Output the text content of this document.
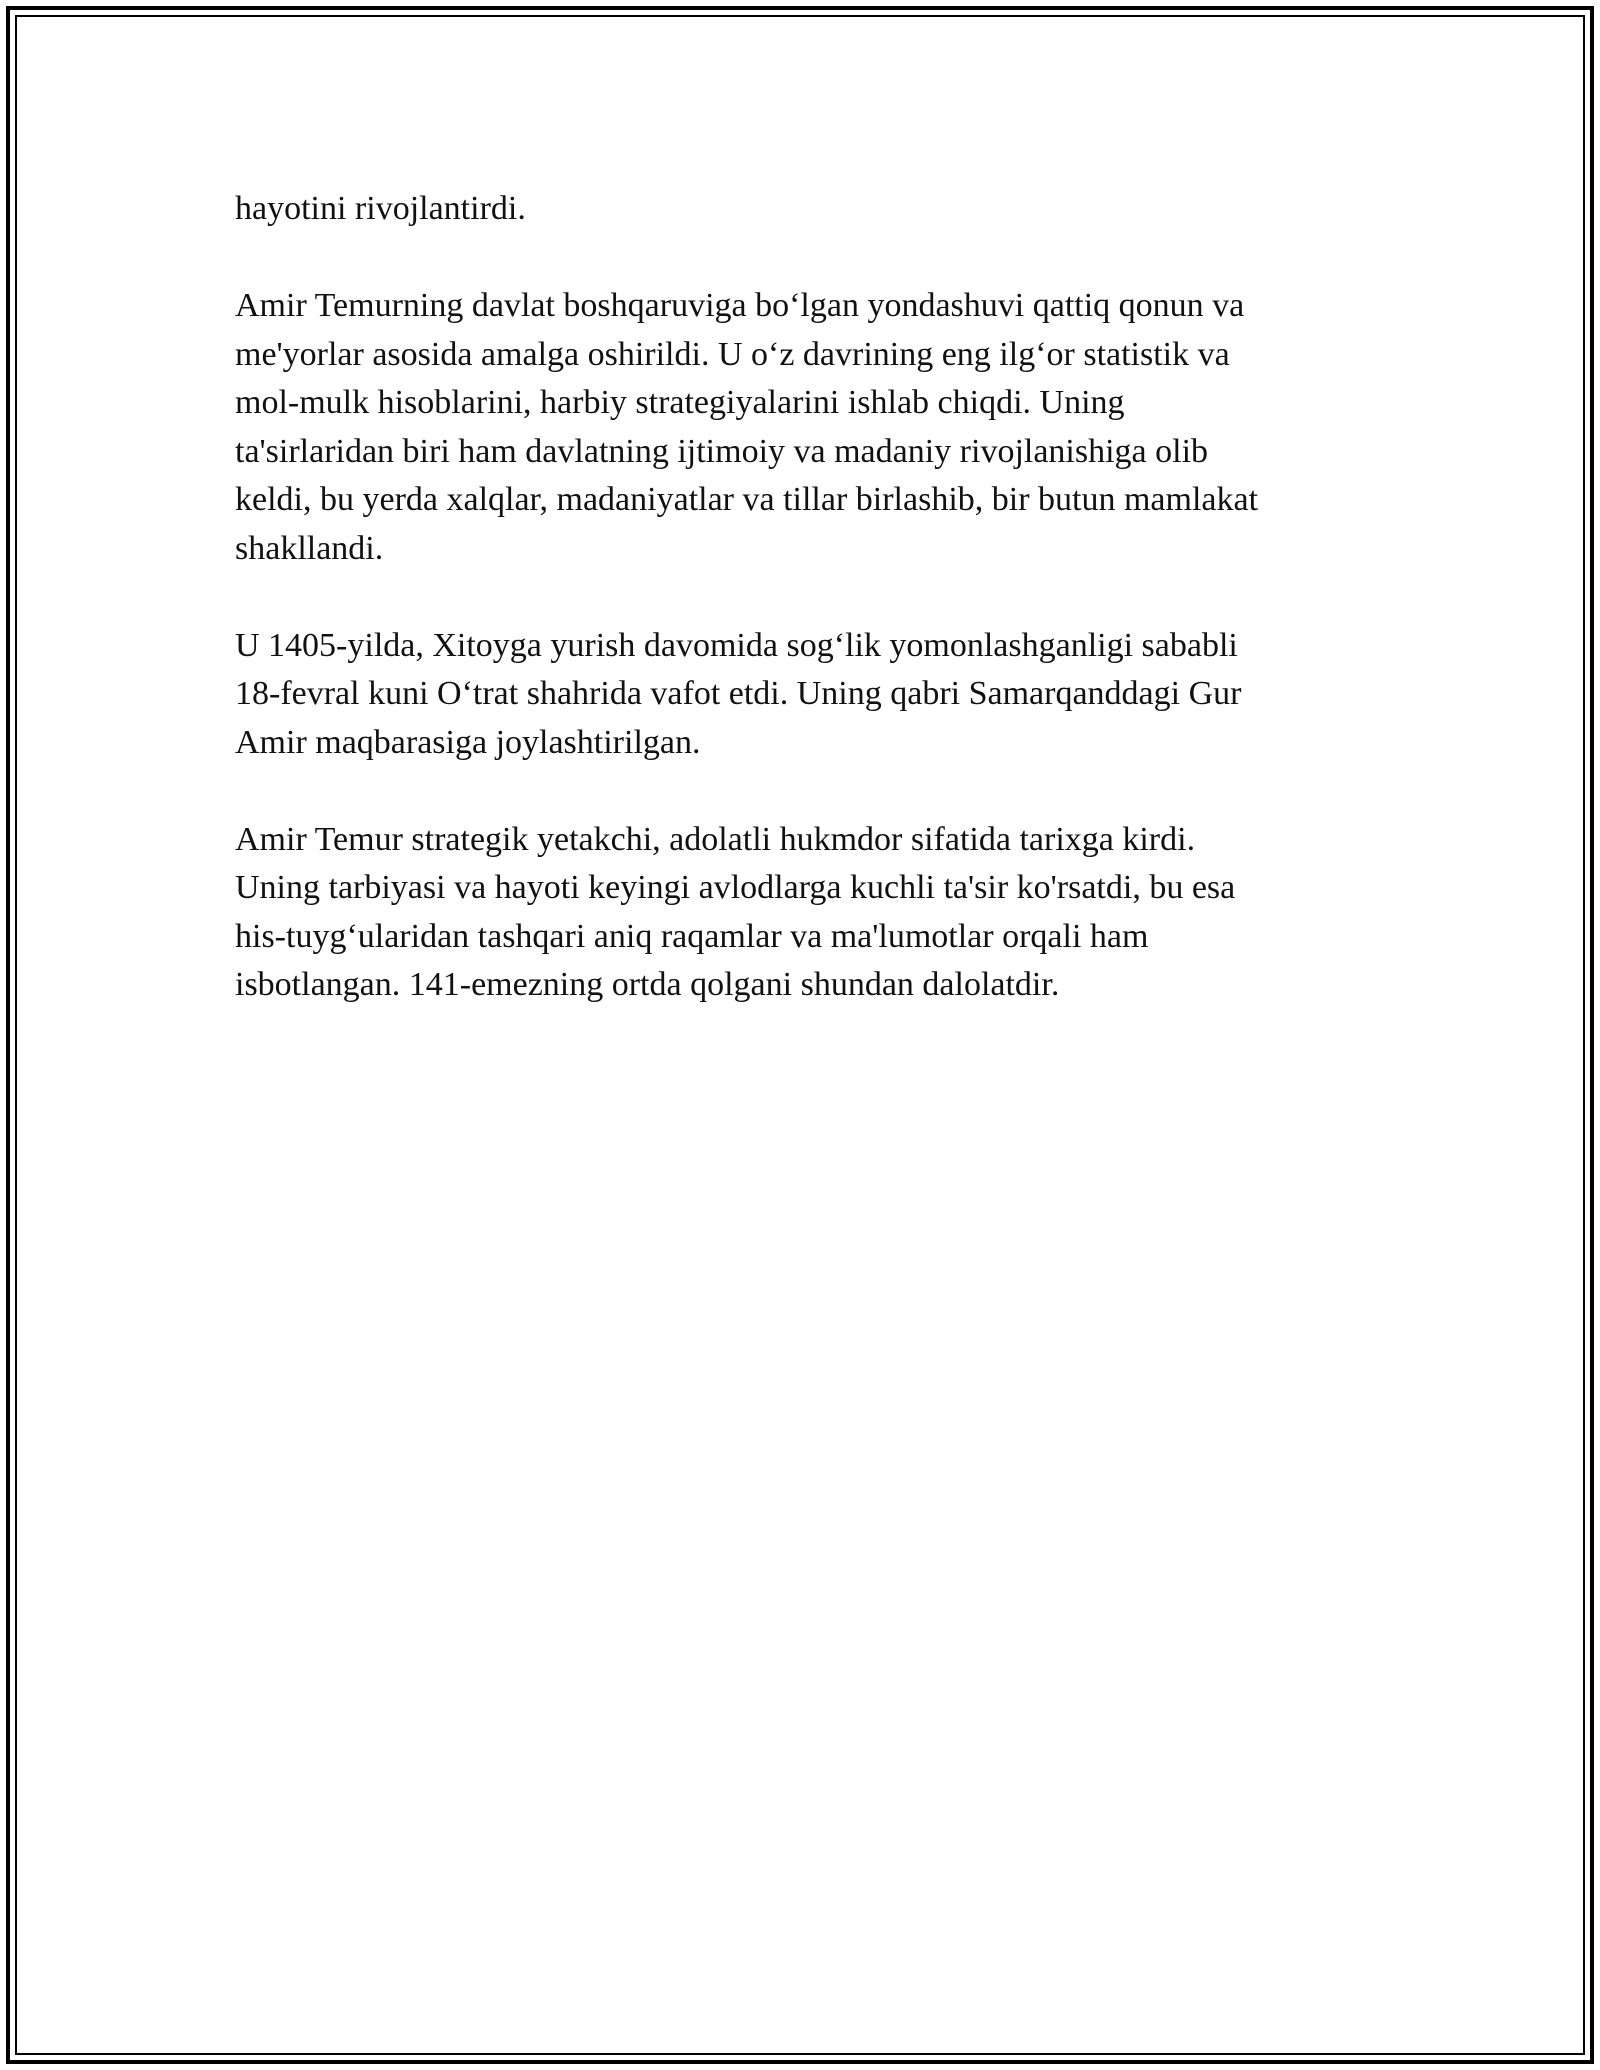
hayotini rivojlantirdi.

Amir Temurning davlat boshqaruviga bo‘lgan yondashuvi qattiq qonun va
me'yorlar asosida amalga oshirildi. U o‘z davrining eng ilg‘or statistik va
mol-mulk hisoblarini, harbiy strategiyalarini ishlab chiqdi. Uning
ta'sirlaridan biri ham davlatning ijtimoiy va madaniy rivojlanishiga olib
keldi, bu yerda xalqlar, madaniyatlar va tillar birlashib, bir butun mamlakat
shakllandi.

U 1405-yilda, Xitoyga yurish davomida sog‘lik yomonlashganligi sababli
18-fevral kuni O‘trat shahrida vafot etdi. Uning qabri Samarqanddagi Gur
Amir maqbarasiga joylashtirilgan.

Amir Temur strategik yetakchi, adolatli hukmdor sifatida tarixga kirdi.
Uning tarbiyasi va hayoti keyingi avlodlarga kuchli ta'sir ko'rsatdi, bu esa
his-tuyg‘ularidan tashqari aniq raqamlar va ma'lumotlar orqali ham
isbotlangan. 141-emezning ortda qolgani shundan dalolatdir.
